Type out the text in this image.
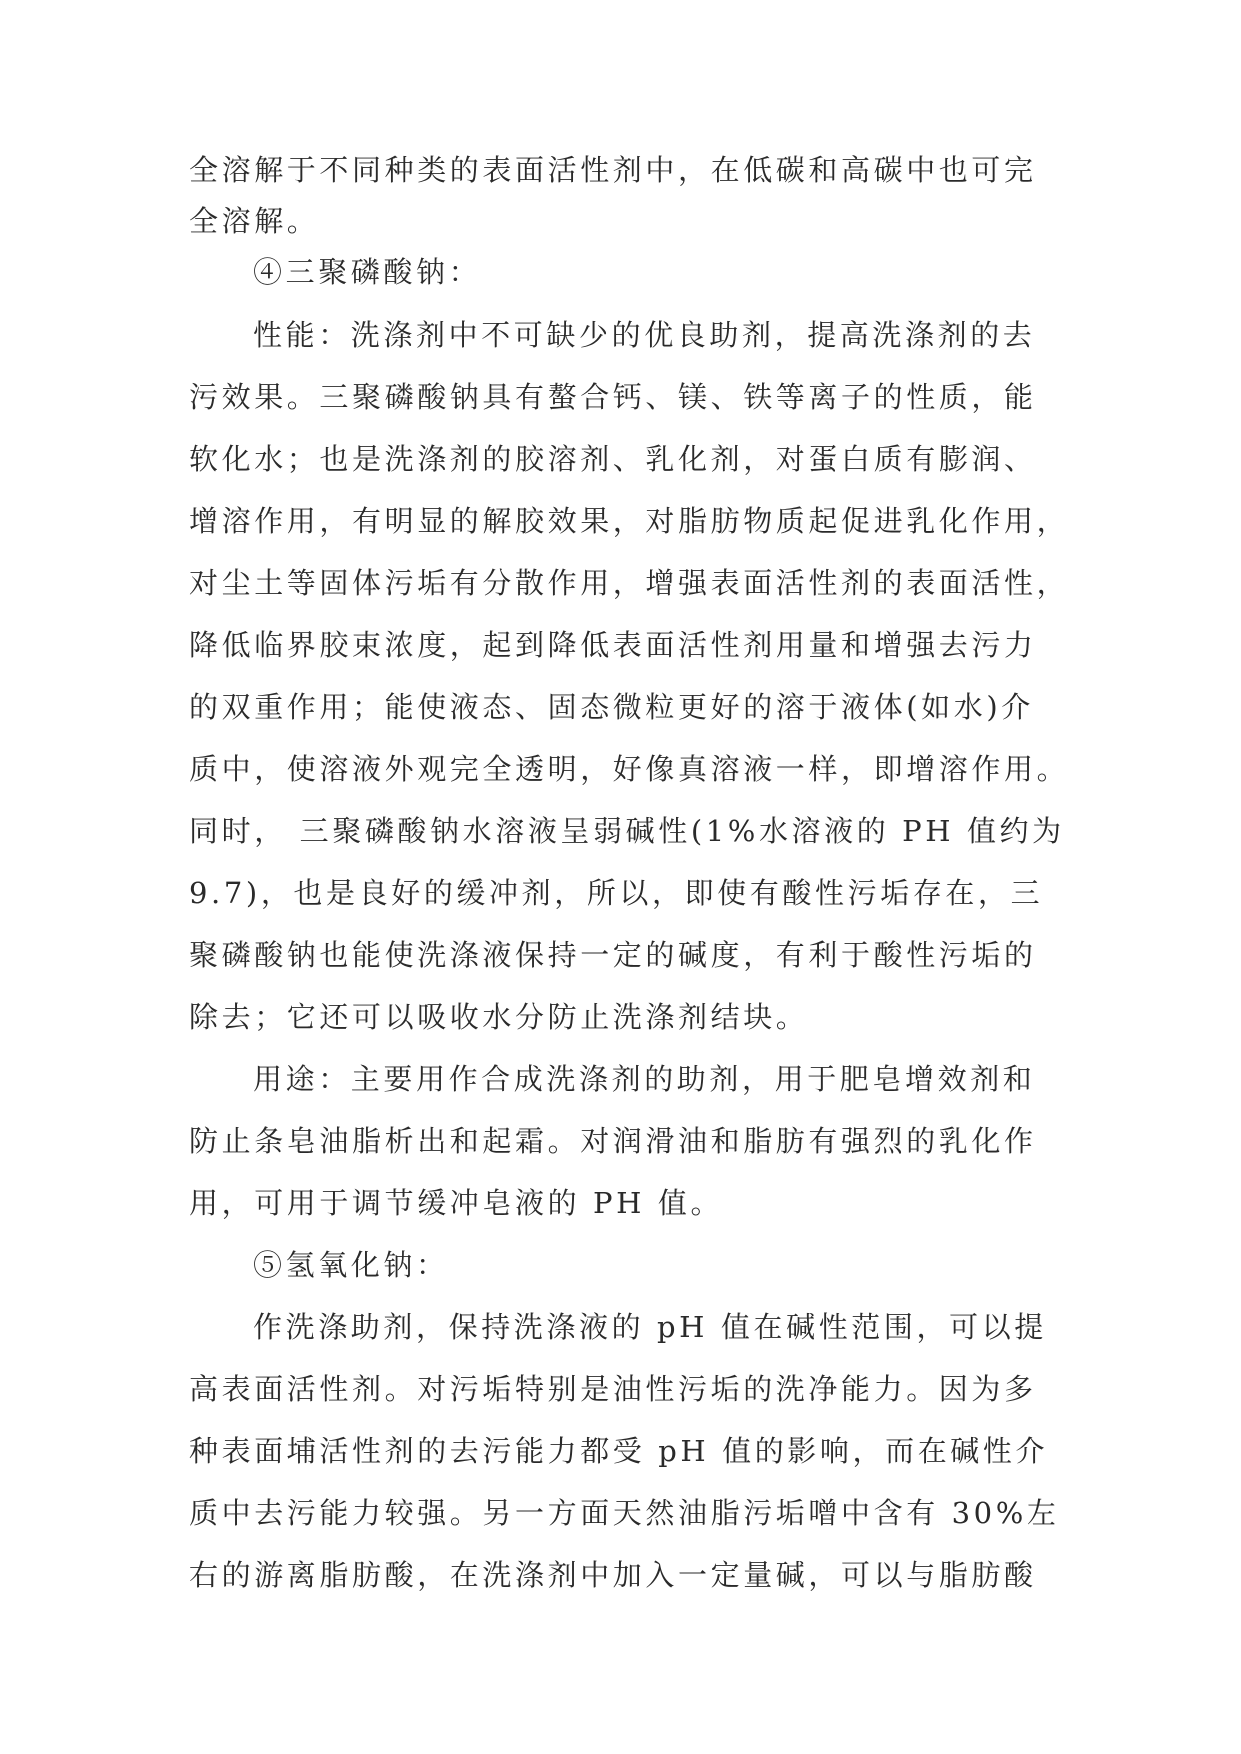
全溶解于不同种类的表面活性剂中，在低碳和高碳中也可完
全溶解。
④三聚磷酸钠：
性能：洗涤剂中不可缺少的优良助剂，提高洗涤剂的去
污效果。三聚磷酸钠具有螯合钙、镁、铁等离子的性质，能
软化水；也是洗涤剂的胶溶剂、乳化剂，对蛋白质有膨润、
增溶作用，有明显的解胶效果，对脂肪物质起促进乳化作用，
对尘土等固体污垢有分散作用，增强表面活性剂的表面活性，
降低临界胶束浓度，起到降低表面活性剂用量和增强去污力
的双重作用；能使液态、固态微粒更好的溶于液体(如水)介
质中，使溶液外观完全透明，好像真溶液一样，即增溶作用。
同时， 三聚磷酸钠水溶液呈弱碱性(1%水溶液的 PH 值约为
9.7)，也是良好的缓冲剂，所以，即使有酸性污垢存在，三
聚磷酸钠也能使洗涤液保持一定的碱度，有利于酸性污垢的
除去；它还可以吸收水分防止洗涤剂结块。
用途：主要用作合成洗涤剂的助剂，用于肥皂增效剂和
防止条皂油脂析出和起霜。对润滑油和脂肪有强烈的乳化作
用，可用于调节缓冲皂液的 PH 值。
⑤氢氧化钠：
作洗涤助剂，保持洗涤液的 pH 值在碱性范围，可以提
高表面活性剂。对污垢特别是油性污垢的洗净能力。因为多
种表面埔活性剂的去污能力都受 pH 值的影响，而在碱性介
质中去污能力较强。另一方面天然油脂污垢噌中含有 30%左
右的游离脂肪酸，在洗涤剂中加入一定量碱，可以与脂肪酸
